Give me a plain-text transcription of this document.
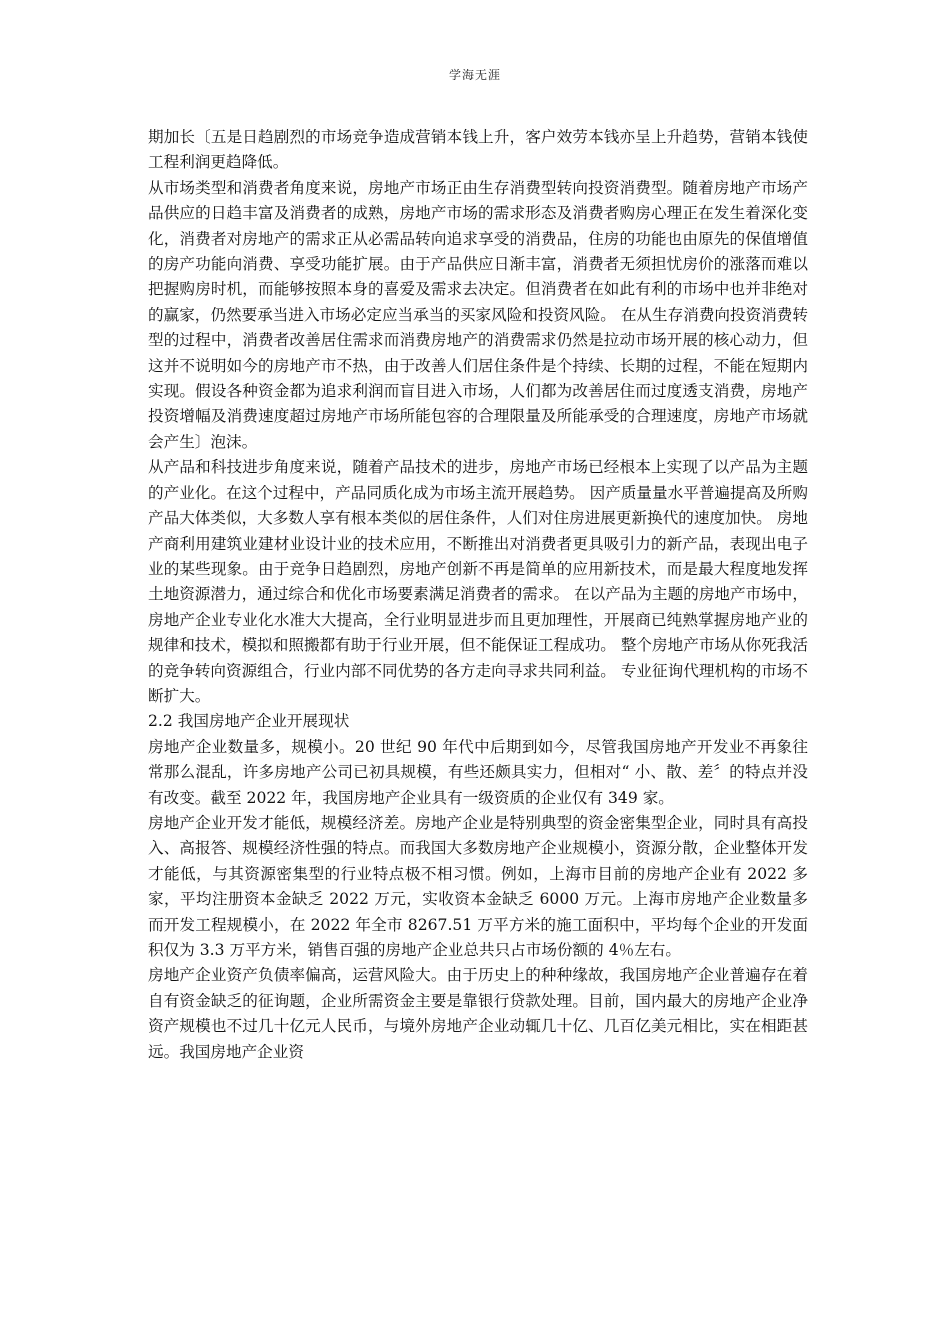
学海无涯

期加长〔五是日趋剧烈的市场竞争造成营销本钱上升，客户效劳本钱亦呈上升趋势，营销本钱使工程利润更趋降低。

从市场类型和消费者角度来说，房地产市场正由生存消费型转向投资消费型。随着房地产市场产品供应的日趋丰富及消费者的成熟，房地产市场的需求形态及消费者购房心理正在发生着深化变化，消费者对房地产的需求正从必需品转向追求享受的消费品，住房的功能也由原先的保值增值的房产功能向消费、享受功能扩展。由于产品供应日渐丰富，消费者无须担忧房价的涨落而难以把握购房时机，而能够按照本身的喜爱及需求去决定。但消费者在如此有利的市场中也并非绝对的赢家，仍然要承当进入市场必定应当承当的买家风险和投资风险。 在从生存消费向投资消费转型的过程中，消费者改善居住需求而消费房地产的消费需求仍然是拉动市场开展的核心动力，但这并不说明如今的房地产市不热，由于改善人们居住条件是个持续、长期的过程，不能在短期内实现。假设各种资金都为追求利润而盲目进入市场，人们都为改善居住而过度透支消费，房地产投资增幅及消费速度超过房地产市场所能包容的合理限量及所能承受的合理速度，房地产市场就会产生〕泡沫。

从产品和科技进步角度来说，随着产品技术的进步，房地产市场已经根本上实现了以产品为主题的产业化。在这个过程中，产品同质化成为市场主流开展趋势。 因产质量量水平普遍提高及所购产品大体类似，大多数人享有根本类似的居住条件，人们对住房进展更新换代的速度加快。 房地产商利用建筑业建材业设计业的技术应用，不断推出对消费者更具吸引力的新产品，表现出电子业的某些现象。由于竞争日趋剧烈，房地产创新不再是简单的应用新技术，而是最大程度地发挥土地资源潜力，通过综合和优化市场要素满足消费者的需求。 在以产品为主题的房地产市场中，房地产企业专业化水准大大提高，全行业明显进步而且更加理性，开展商已纯熟掌握房地产业的规律和技术，模拟和照搬都有助于行业开展，但不能保证工程成功。 整个房地产市场从你死我活的竞争转向资源组合，行业内部不同优势的各方走向寻求共同利益。 专业征询代理机构的市场不断扩大。

2.2 我国房地产企业开展现状

房地产企业数量多，规模小。20 世纪 90 年代中后期到如今，尽管我国房地产开发业不再象往常那么混乱，许多房地产公司已初具规模，有些还颇具实力，但相对“ 小、散、差〞的特点并没有改变。截至 2022 年，我国房地产企业具有一级资质的企业仅有 349 家。

房地产企业开发才能低，规模经济差。房地产企业是特别典型的资金密集型企业，同时具有高投入、高报答、规模经济性强的特点。而我国大多数房地产企业规模小，资源分散，企业整体开发才能低，与其资源密集型的行业特点极不相习惯。例如，上海市目前的房地产企业有 2022 多家，平均注册资本金缺乏 2022 万元，实收资本金缺乏 6000 万元。上海市房地产企业数量多而开发工程规模小，在 2022 年全市 8267.51 万平方米的施工面积中，平均每个企业的开发面积仅为 3.3 万平方米，销售百强的房地产企业总共只占市场份额的 4％左右。

房地产企业资产负债率偏高，运营风险大。由于历史上的种种缘故，我国房地产企业普遍存在着自有资金缺乏的征询题，企业所需资金主要是靠银行贷款处理。目前，国内最大的房地产企业净资产规模也不过几十亿元人民币，与境外房地产企业动辄几十亿、几百亿美元相比，实在相距甚远。我国房地产企业资
